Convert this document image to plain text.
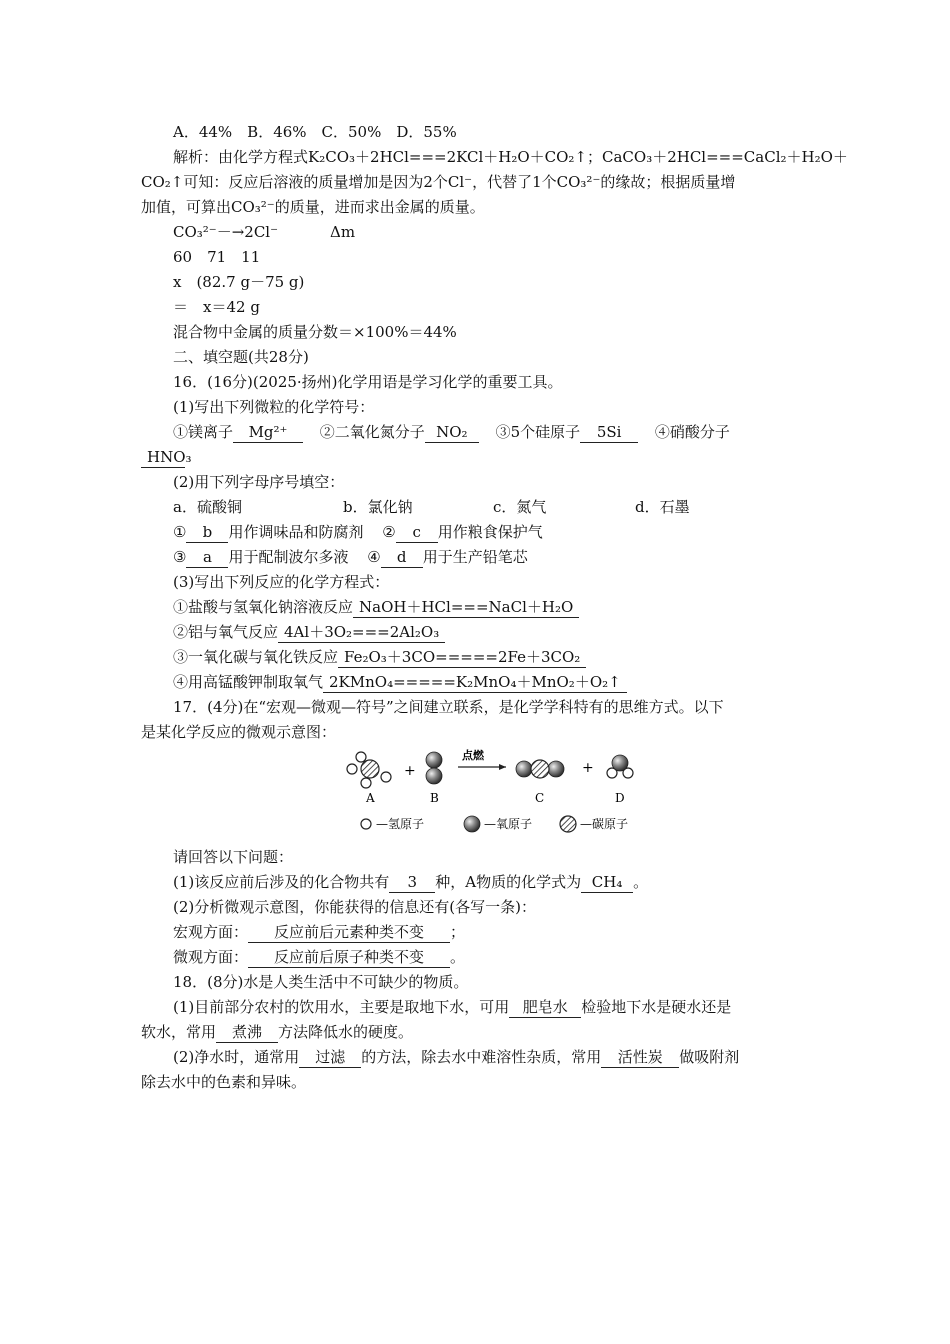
A．44%　B．46%　C．50%　D．55%
解析：由化学方程式K₂CO₃＋2HCl===2KCl＋H₂O＋CO₂↑；CaCO₃＋2HCl===CaCl₂＋H₂O＋
CO₂↑可知：反应后溶液的质量增加是因为2个Cl⁻，代替了1个CO₃²⁻的缘故；根据质量增
加值，可算出CO₃²⁻的质量，进而求出金属的质量。
CO₃²⁻－→2Cl⁻	Δm
60　71　11
x　(82.7 g－75 g)
＝　x＝42 g
混合物中金属的质量分数＝×100%＝44%
二、填空题(共28分)
16．(16分)(2025·扬州)化学用语是学习化学的重要工具。
(1)写出下列微粒的化学符号：
①镁离子 Mg²⁺ ②二氧化氮分子 NO₂ ③5个硅原子 5Si ④硝酸分子
HNO₃
(2)用下列字母序号填空：
a．硫酸铜	b．氯化钠	c．氮气	d．石墨
① b 用作调味品和防腐剂 ② c 用作粮食保护气
③ a 用于配制波尔多液 ④ d 用于生产铅笔芯
(3)写出下列反应的化学方程式：
①盐酸与氢氧化钠溶液反应 NaOH＋HCl===NaCl＋H₂O
②铝与氧气反应 4Al＋3O₂===2Al₂O₃
③一氧化碳与氧化铁反应 Fe₂O₃＋3CO=====2Fe＋3CO₂
④用高锰酸钾制取氧气 2KMnO₄=====K₂MnO₄＋MnO₂＋O₂↑
17．(4分)在“宏观—微观—符号”之间建立联系，是化学学科特有的思维方式。以下
是某化学反应的微观示意图：
+
点燃
+
A	B	C	D
—氢原子	—氧原子	—碳原子
请回答以下问题：
(1)该反应前后涉及的化合物共有 3 种，A物质的化学式为 CH₄ 。
(2)分析微观示意图，你能获得的信息还有(各写一条)：
宏观方面： 反应前后元素种类不变 ；
微观方面： 反应前后原子种类不变 。
18．(8分)水是人类生活中不可缺少的物质。
(1)目前部分农村的饮用水，主要是取地下水，可用 肥皂水 检验地下水是硬水还是
软水，常用 煮沸 方法降低水的硬度。
(2)净水时，通常用 过滤 的方法，除去水中难溶性杂质，常用 活性炭 做吸附剂
除去水中的色素和异味。
